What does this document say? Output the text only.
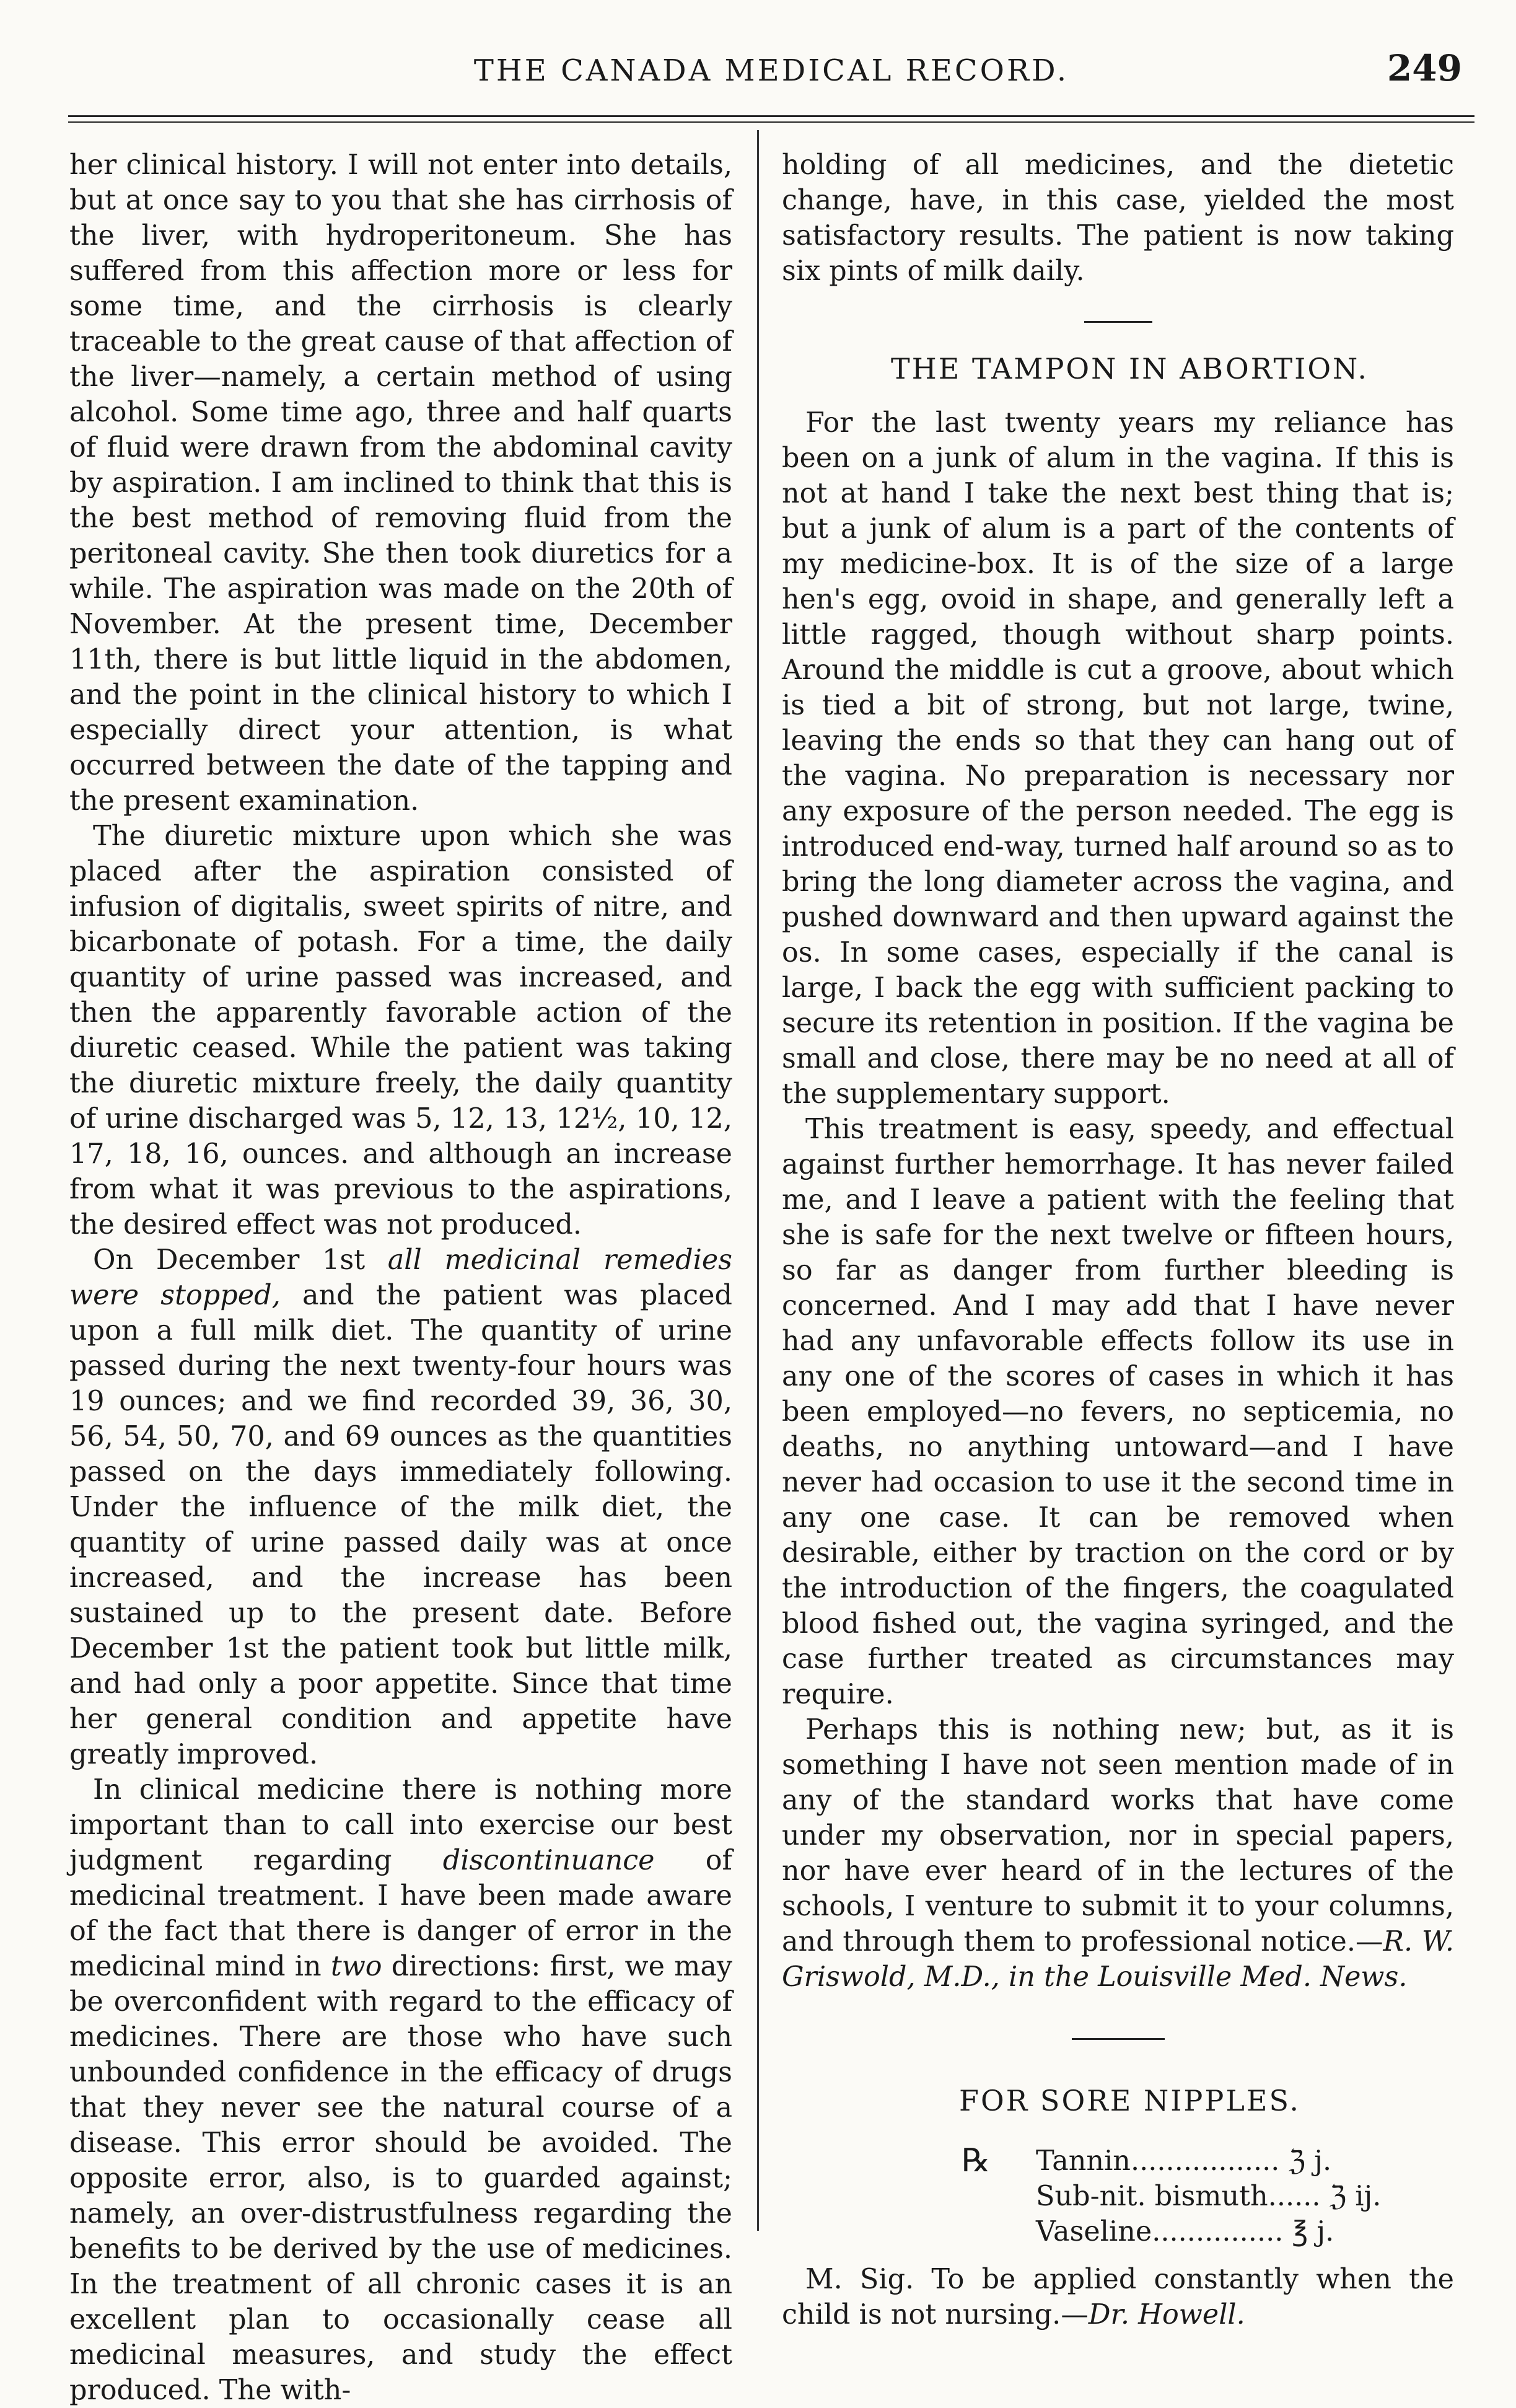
THE CANADA MEDICAL RECORD.	249

her clinical history. I will not enter into details, but at once say to you that she has cirrhosis of the liver, with hydroperitoneum. She has suffered from this affection more or less for some time, and the cirrhosis is clearly traceable to the great cause of that affection of the liver—namely, a certain method of using alcohol. Some time ago, three and half quarts of fluid were drawn from the abdominal cavity by aspiration. I am inclined to think that this is the best method of removing fluid from the peritoneal cavity. She then took diuretics for a while. The aspiration was made on the 20th of November. At the present time, December 11th, there is but little liquid in the abdomen, and the point in the clinical history to which I especially direct your attention, is what occurred between the date of the tapping and the present examination.

The diuretic mixture upon which she was placed after the aspiration consisted of infusion of digitalis, sweet spirits of nitre, and bicarbonate of potash. For a time, the daily quantity of urine passed was increased, and then the apparently favorable action of the diuretic ceased. While the patient was taking the diuretic mixture freely, the daily quantity of urine discharged was 5, 12, 13, 12½, 10, 12, 17, 18, 16, ounces. and although an increase from what it was previous to the aspirations, the desired effect was not produced.

On December 1st all medicinal remedies were stopped, and the patient was placed upon a full milk diet. The quantity of urine passed during the next twenty-four hours was 19 ounces; and we find recorded 39, 36, 30, 56, 54, 50, 70, and 69 ounces as the quantities passed on the days immediately following. Under the influence of the milk diet, the quantity of urine passed daily was at once increased, and the increase has been sustained up to the present date. Before December 1st the patient took but little milk, and had only a poor appetite. Since that time her general condition and appetite have greatly improved.

In clinical medicine there is nothing more important than to call into exercise our best judgment regarding discontinuance of medicinal treatment. I have been made aware of the fact that there is danger of error in the medicinal mind in two directions: first, we may be overconfident with regard to the efficacy of medicines. There are those who have such unbounded confidence in the efficacy of drugs that they never see the natural course of a disease. This error should be avoided. The opposite error, also, is to guarded against; namely, an over-distrustfulness regarding the benefits to be derived by the use of medicines. In the treatment of all chronic cases it is an excellent plan to occasionally cease all medicinal measures, and study the effect produced. The with-

holding of all medicines, and the dietetic change, have, in this case, yielded the most satisfactory results. The patient is now taking six pints of milk daily.

THE TAMPON IN ABORTION.

For the last twenty years my reliance has been on a junk of alum in the vagina. If this is not at hand I take the next best thing that is; but a junk of alum is a part of the contents of my medicine-box. It is of the size of a large hen's egg, ovoid in shape, and generally left a little ragged, though without sharp points. Around the middle is cut a groove, about which is tied a bit of strong, but not large, twine, leaving the ends so that they can hang out of the vagina. No preparation is necessary nor any exposure of the person needed. The egg is introduced end-way, turned half around so as to bring the long diameter across the vagina, and pushed downward and then upward against the os. In some cases, especially if the canal is large, I back the egg with sufficient packing to secure its retention in position. If the vagina be small and close, there may be no need at all of the supplementary support.

This treatment is easy, speedy, and effectual against further hemorrhage. It has never failed me, and I leave a patient with the feeling that she is safe for the next twelve or fifteen hours, so far as danger from further bleeding is concerned. And I may add that I have never had any unfavorable effects follow its use in any one of the scores of cases in which it has been employed—no fevers, no septicemia, no deaths, no anything untoward—and I have never had occasion to use it the second time in any one case. It can be removed when desirable, either by traction on the cord or by the introduction of the fingers, the coagulated blood fished out, the vagina syringed, and the case further treated as circumstances may require.

Perhaps this is nothing new; but, as it is something I have not seen mention made of in any of the standard works that have come under my observation, nor in special papers, nor have ever heard of in the lectures of the schools, I venture to submit it to your columns, and through them to professional notice.—R. W. Griswold, M.D., in the Louisville Med. News.

FOR SORE NIPPLES.

℞	Tannin................. ℨ j.
Sub-nit. bismuth...... ℨ ij.
Vaseline............... ℥ j.

M. Sig. To be applied constantly when the child is not nursing.—Dr. Howell.
